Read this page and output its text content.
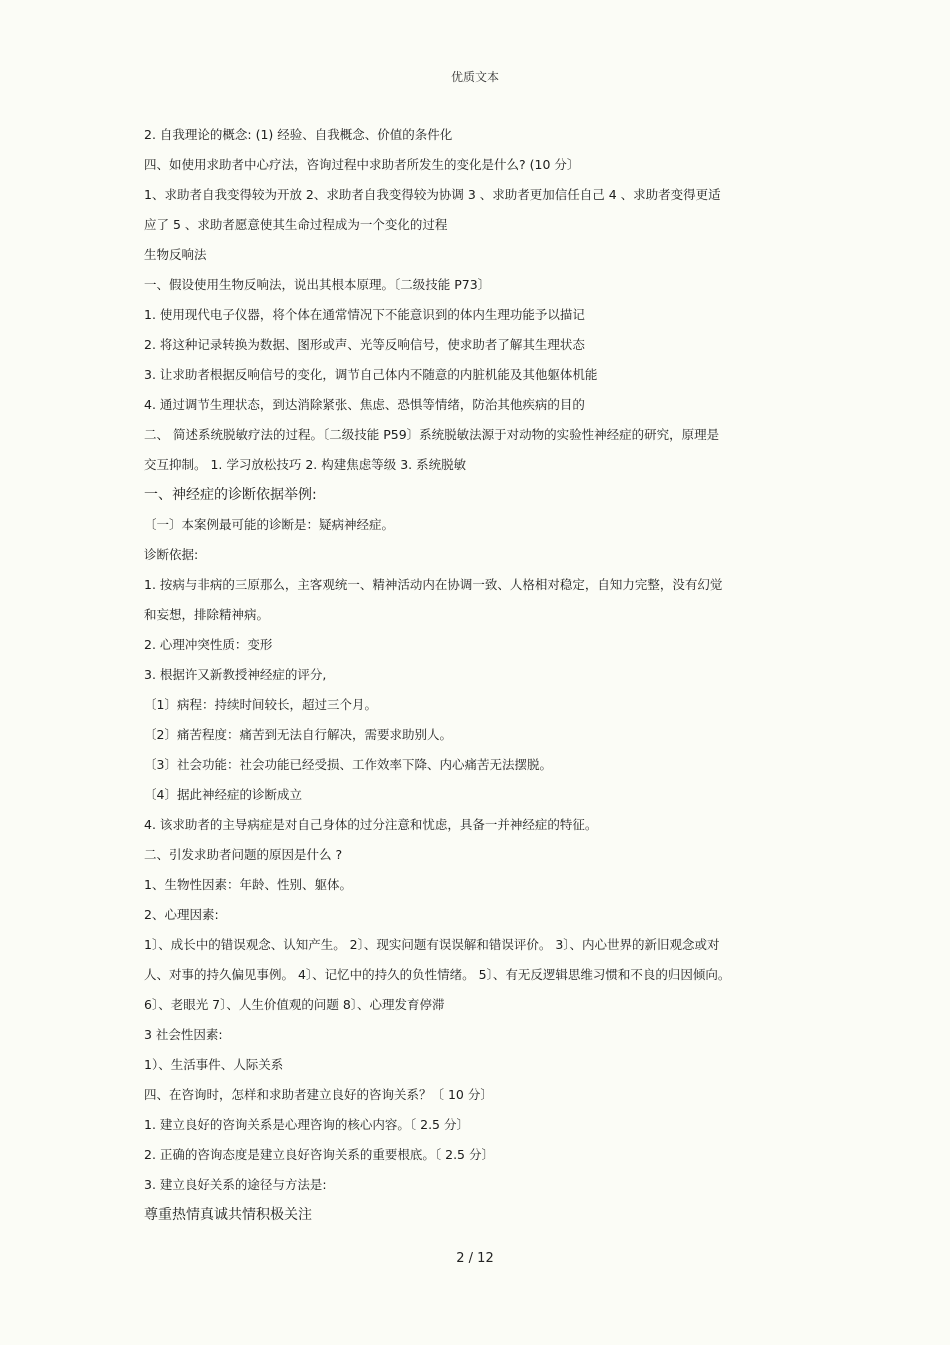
优质文本
2. 自我理论的概念: (1) 经验、自我概念、价值的条件化
四、如使用求助者中心疗法，咨询过程中求助者所发生的变化是什么? (10 分〕
1、求助者自我变得较为开放 2、求助者自我变得较为协调 3 、求助者更加信任自己 4 、求助者变得更适
应了 5 、求助者愿意使其生命过程成为一个变化的过程
生物反响法
一、假设使用生物反响法，说出其根本原理。〔二级技能 P73〕
1. 使用现代电子仪器，将个体在通常情况下不能意识到的体内生理功能予以描记
2. 将这种记录转换为数据、图形或声、光等反响信号，使求助者了解其生理状态
3. 让求助者根据反响信号的变化，调节自己体内不随意的内脏机能及其他躯体机能
4. 通过调节生理状态，到达消除紧张、焦虑、恐惧等情绪，防治其他疾病的目的
二、 简述系统脱敏疗法的过程。〔二级技能 P59〕系统脱敏法源于对动物的实验性神经症的研究，原理是
交互抑制。 1. 学习放松技巧 2. 构建焦虑等级 3. 系统脱敏
一、神经症的诊断依据举例:
〔一〕本案例最可能的诊断是：疑病神经症。
诊断依据:
1. 按病与非病的三原那么，主客观统一、精神活动内在协调一致、人格相对稳定，自知力完整，没有幻觉
和妄想，排除精神病。
2. 心理冲突性质：变形
3. 根据许又新教授神经症的评分,
〔1〕病程：持续时间较长，超过三个月。
〔2〕痛苦程度：痛苦到无法自行解决，需要求助别人。
〔3〕社会功能：社会功能已经受损、工作效率下降、内心痛苦无法摆脱。
〔4〕据此神经症的诊断成立
4. 该求助者的主导病症是对自己身体的过分注意和忧虑，具备一并神经症的特征。
二、引发求助者问题的原因是什么 ?
1、生物性因素：年龄、性别、躯体。
2、心理因素:
1〕、成长中的错误观念、认知产生。 2〕、现实问题有误误解和错误评价。 3〕、内心世界的新旧观念或对
人、对事的持久偏见事例。 4〕、记忆中的持久的负性情绪。 5〕、有无反逻辑思维习惯和不良的归因倾向。
6〕、老眼光 7〕、人生价值观的问题 8〕、心理发育停滞
3 社会性因素:
1）、生活事件、人际关系
四、在咨询时，怎样和求助者建立良好的咨询关系？〔 10 分〕
1. 建立良好的咨询关系是心理咨询的核心内容。〔 2.5 分〕
2. 正确的咨询态度是建立良好咨询关系的重要根底。〔 2.5 分〕
3. 建立良好关系的途径与方法是:
尊重热情真诚共情积极关注
2 / 12
